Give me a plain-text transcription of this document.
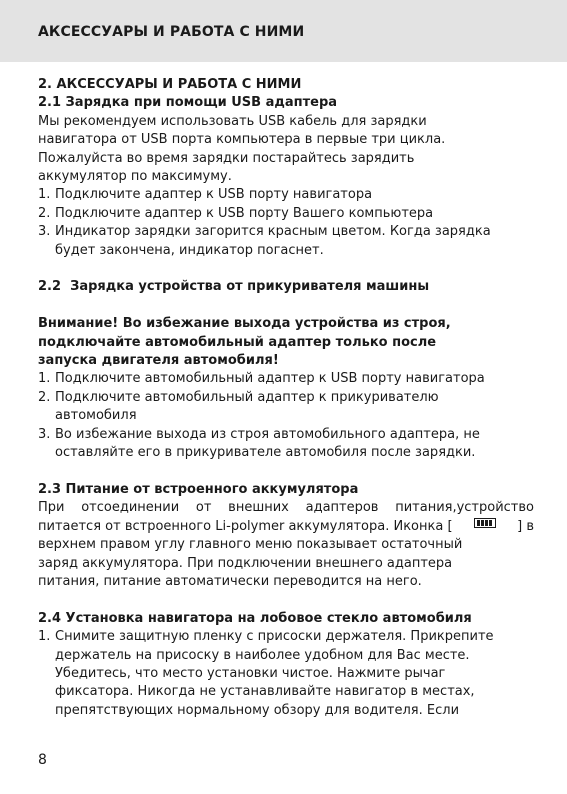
АКСЕССУАРЫ И РАБОТА С НИМИ
2. АКСЕССУАРЫ И РАБОТА С НИМИ
2.1 Зарядка при помощи USB адаптера
Мы рекомендуем использовать USB кабель для зарядки
навигатора от USB порта компьютера в первые три цикла.
Пожалуйста во время зарядки постарайтесь зарядить
аккумулятор по максимуму.
1. Подключите адаптер к USB порту навигатора
2. Подключите адаптер к USB порту Вашего компьютера
3. Индикатор зарядки загорится красным цветом. Когда зарядка
будет закончена, индикатор погаснет.
2.2  Зарядка устройства от прикуривателя машины
Внимание! Во избежание выхода устройства из строя,
подключайте автомобильный адаптер только после
запуска двигателя автомобиля!
1. Подключите автомобильный адаптер к USB порту навигатора
2. Подключите автомобильный адаптер к прикуривателю
автомобиля
3. Во избежание выхода из строя автомобильного адаптера, не
оставляйте его в прикуривателе автомобиля после зарядки.
2.3 Питание от встроенного аккумулятора
При отсоединении от внешних адаптеров питания,устройство
питается от встроенного Li-polymer аккумулятора. Иконка [	] в
верхнем правом углу главного меню показывает остаточный
заряд аккумулятора. При подключении внешнего адаптера
питания, питание автоматически переводится на него.
2.4 Установка навигатора на лобовое стекло автомобиля
1. Снимите защитную пленку с присоски держателя. Прикрепите
держатель на присоску в наиболее удобном для Вас месте.
Убедитесь, что место установки чистое. Нажмите рычаг
фиксатора. Никогда не устанавливайте навигатор в местах,
препятствующих нормальному обзору для водителя. Если
8
